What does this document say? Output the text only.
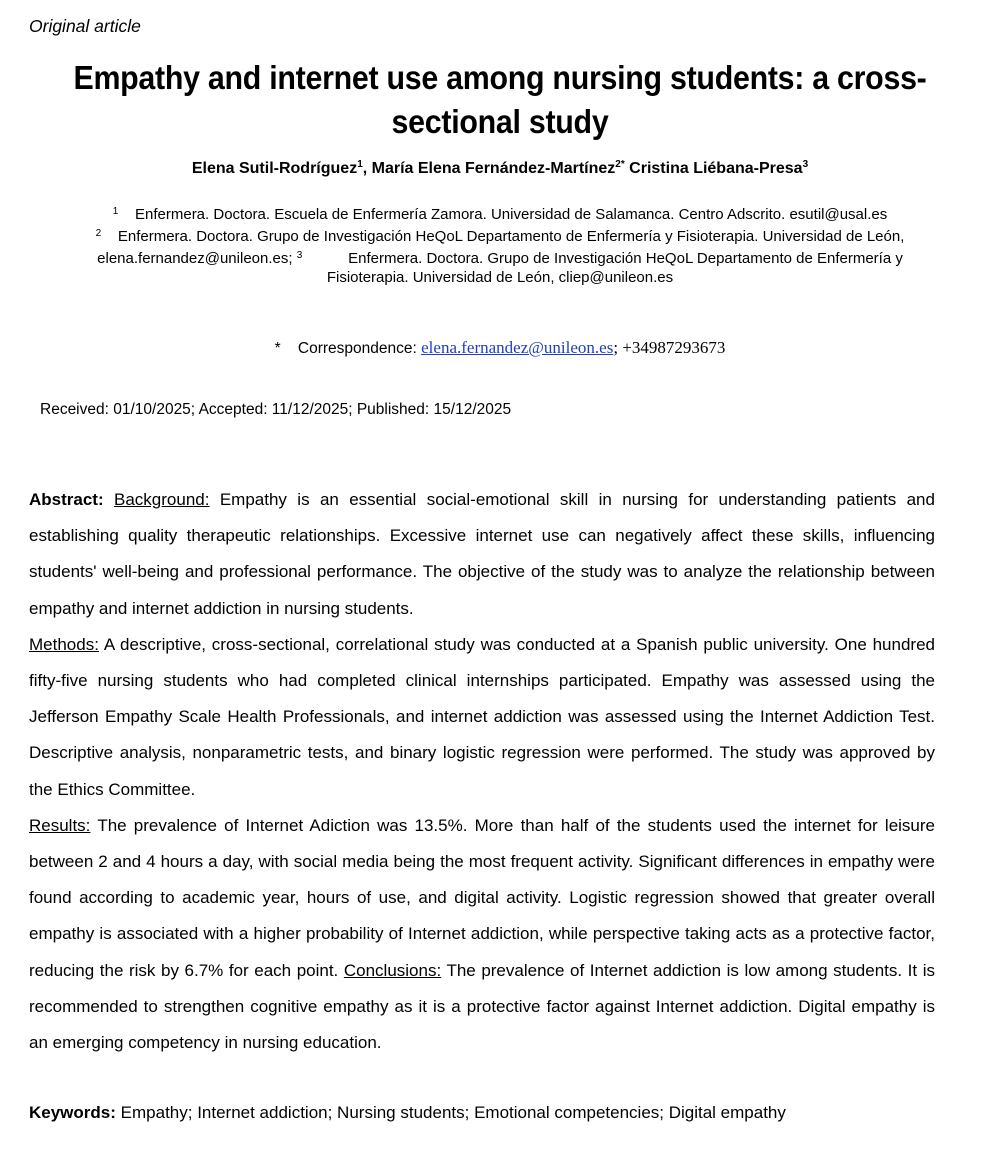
Original article
Empathy and internet use among nursing students: a cross-sectional study
Elena Sutil-Rodríguez$^1$, María Elena Fernández-Martínez$^{2*}$ Cristina Liébana-Presa$^3$
$^1$ Enfermera. Doctora. Escuela de Enfermería Zamora. Universidad de Salamanca. Centro Adscrito. esutil@usal.es
$^2$ Enfermera. Doctora. Grupo de Investigación HeQoL Departamento de Enfermería y Fisioterapia. Universidad de León,
elena.fernandez@unileon.es; $^3$	Enfermera. Doctora. Grupo de Investigación HeQoL Departamento de Enfermería y
Fisioterapia. Universidad de León, cliep@unileon.es
* Correspondence: elena.fernandez@unileon.es; +34987293673
Received: 01/10/2025; Accepted: 11/12/2025; Published: 15/12/2025

Abstract: Background: Empathy is an essential social-emotional skill in nursing for understanding patients and establishing quality therapeutic relationships. Excessive internet use can negatively affect these skills, influencing students' well-being and professional performance. The objective of the study was to analyze the relationship between empathy and internet addiction in nursing students.
Methods: A descriptive, cross-sectional, correlational study was conducted at a Spanish public university. One hundred fifty-five nursing students who had completed clinical internships participated. Empathy was assessed using the Jefferson Empathy Scale Health Professionals, and internet addiction was assessed using the Internet Addiction Test. Descriptive analysis, nonparametric tests, and binary logistic regression were performed. The study was approved by the Ethics Committee.
Results: The prevalence of Internet Adiction was 13.5%. More than half of the students used the internet for leisure between 2 and 4 hours a day, with social media being the most frequent activity. Significant differences in empathy were found according to academic year, hours of use, and digital activity. Logistic regression showed that greater overall empathy is associated with a higher probability of Internet addiction, while perspective taking acts as a protective factor, reducing the risk by 6.7% for each point. Conclusions: The prevalence of Internet addiction is low among students. It is recommended to strengthen cognitive empathy as it is a protective factor against Internet addiction. Digital empathy is an emerging competency in nursing education.

Keywords: Empathy; Internet addiction; Nursing students; Emotional competencies; Digital empathy
